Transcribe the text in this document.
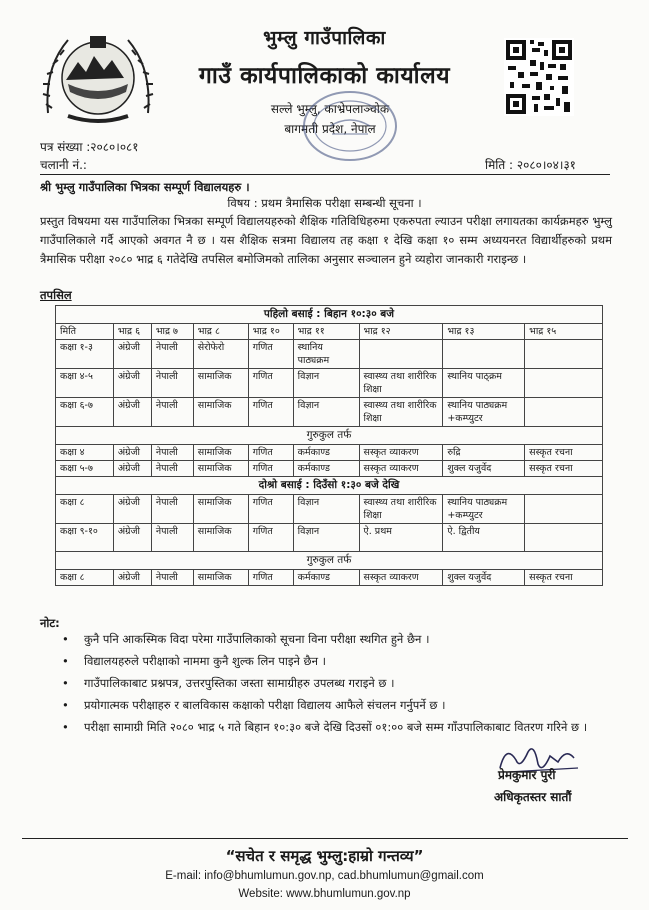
भुम्लु गाउँपालिका
गाउँ कार्यपालिकाको कार्यालय
सल्ले भुम्लु, काभ्रेपलाञ्चोक
बागमती प्रदेश, नेपाल
पत्र संख्या :२०८०।०८१
चलानी नं.:	मिति : २०८०।०४।३१
श्री भुम्लु गाउँपालिका भित्रका सम्पूर्ण विद्यालयहरु ।
विषय : प्रथम त्रैमासिक परीक्षा सम्बन्धी सूचना ।
प्रस्तुत विषयमा यस गाउँपालिका भित्रका सम्पूर्ण विद्यालयहरुको शैक्षिक गतिविधिहरुमा एकरुपता ल्याउन परीक्षा लगायतका कार्यक्रमहरु भुम्लु गाउँपालिकाले गर्दै आएको अवगत नै छ । यस शैक्षिक सत्रमा विद्यालय तह कक्षा १ देखि कक्षा १० सम्म अध्ययनरत विद्यार्थीहरुको प्रथम त्रैमासिक परीक्षा २०८० भाद्र ६ गतेदेखि तपसिल बमोजिमको तालिका अनुसार सञ्चालन हुने व्यहोरा जानकारी गराइन्छ ।
तपसिल
पहिलो बसाई : बिहान १०:३० बजे								
मिति	भाद्र ६	भाद्र ७	भाद्र ८	भाद्र १०	भाद्र ११	भाद्र १२	भाद्र १३	भाद्र १५
कक्षा १-३	अंग्रेजी	नेपाली	सेरोफेरो	गणित	स्थानिय पाठ्यक्रम			
कक्षा ४-५	अंग्रेजी	नेपाली	सामाजिक	गणित	विज्ञान	स्वास्थ्य तथा शारीरिक शिक्षा	स्थानिय पाठ्क्रम	
कक्षा ६-७	अंग्रेजी	नेपाली	सामाजिक	गणित	विज्ञान	स्वास्थ्य तथा शारीरिक शिक्षा	स्थानिय पाठ्यक्रम +कम्प्युटर	
गुरुकुल तर्फ								
कक्षा ४	अंग्रेजी	नेपाली	सामाजिक	गणित	कर्मकाण्ड	सस्कृत व्याकरण	रुद्रि	सस्कृत रचना
कक्षा ५-७	अंग्रेजी	नेपाली	सामाजिक	गणित	कर्मकाण्ड	सस्कृत व्याकरण	शुक्ल यजुर्वेद	सस्कृत रचना
दोश्रो बसाई : दिउँसो १:३० बजे देखि								
कक्षा ८	अंग्रेजी	नेपाली	सामाजिक	गणित	विज्ञान	स्वास्थ्य तथा शारीरिक शिक्षा	स्थानिय पाठ्यक्रम +कम्प्युटर	
कक्षा ९-१०	अंग्रेजी	नेपाली	सामाजिक	गणित	विज्ञान	ऐ. प्रथम	ऐ. द्वितीय	
गुरुकुल तर्फ								
कक्षा ८	अंग्रेजी	नेपाली	सामाजिक	गणित	कर्मकाण्ड	सस्कृत व्याकरण	शुक्ल यजुर्वेद	सस्कृत रचना
नोट:
• कुनै पनि आकस्मिक विदा परेमा गाउँपालिकाको सूचना विना परीक्षा स्थगित हुने छैन ।
• विद्यालयहरुले परीक्षाको नाममा कुनै शुल्क लिन पाइने छैन ।
• गाउँपालिकाबाट प्रश्नपत्र, उत्तरपुस्तिका जस्ता सामाग्रीहरु उपलब्ध गराइने छ ।
• प्रयोगात्मक परीक्षाहरु र बालविकास कक्षाको परीक्षा विद्यालय आफैले संचलन गर्नुपर्ने छ ।
• परीक्षा सामाग्री मिति २०८० भाद्र ५ गते बिहान १०:३० बजे देखि दिउसों ०१:०० बजे सम्म गाँउपालिकाबाट वितरण गरिने छ ।
प्रेमकुमार पुरी
अधिकृतस्तर सातौं
“सचेत र समृद्ध भुम्लु:हाम्रो गन्तव्य”
E-mail: info@bhumlumun.gov.np, cad.bhumlumun@gmail.com
Website: www.bhumlumun.gov.np
